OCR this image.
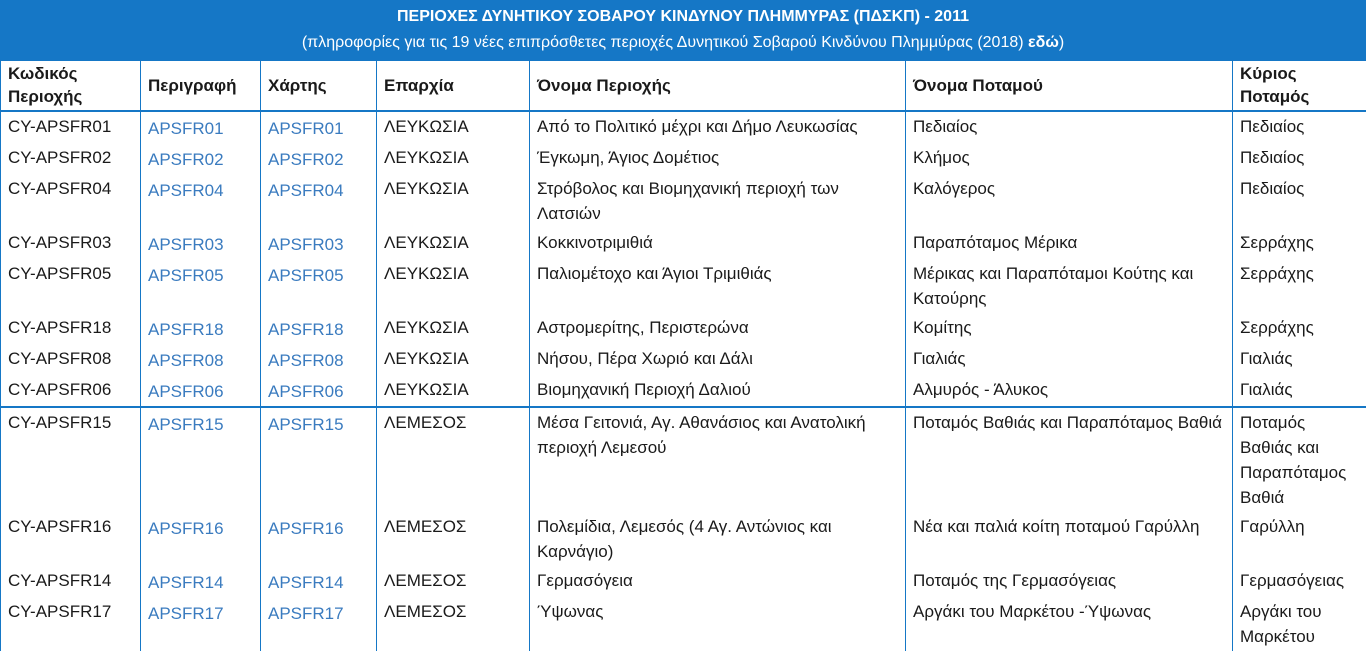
ΠΕΡΙΟΧΕΣ ΔΥΝΗΤΙΚΟΥ ΣΟΒΑΡΟΥ ΚΙΝΔΥΝΟΥ ΠΛΗΜΜΥΡΑΣ (ΠΔΣΚΠ) - 2011
(πληροφορίες για τις 19 νέες επιπρόσθετες περιοχές Δυνητικού Σοβαρού Κινδύνου Πλημμύρας (2018) εδώ)
Κωδικός Περιοχής	Περιγραφή	Χάρτης	Επαρχία	Όνομα Περιοχής	Όνομα Ποταμού	Κύριος Ποταμός
CY-APSFR01	APSFR01	APSFR01	ΛΕΥΚΩΣΙΑ	Από το Πολιτικό μέχρι και Δήμο Λευκωσίας	Πεδιαίος	Πεδιαίος
CY-APSFR02	APSFR02	APSFR02	ΛΕΥΚΩΣΙΑ	Έγκωμη, Άγιος Δομέτιος	Κλήμος	Πεδιαίος
CY-APSFR04	APSFR04	APSFR04	ΛΕΥΚΩΣΙΑ	Στρόβολος και Βιομηχανική περιοχή των Λατσιών	Καλόγερος	Πεδιαίος
CY-APSFR03	APSFR03	APSFR03	ΛΕΥΚΩΣΙΑ	Κοκκινοτριμιθιά	Παραπόταμος Μέρικα	Σερράχης
CY-APSFR05	APSFR05	APSFR05	ΛΕΥΚΩΣΙΑ	Παλιομέτοχο και Άγιοι Τριμιθιάς	Μέρικας και Παραπόταμοι Κούτης και Κατούρης	Σερράχης
CY-APSFR18	APSFR18	APSFR18	ΛΕΥΚΩΣΙΑ	Αστρομερίτης, Περιστερώνα	Κομίτης	Σερράχης
CY-APSFR08	APSFR08	APSFR08	ΛΕΥΚΩΣΙΑ	Νήσου, Πέρα Χωριό και Δάλι	Γιαλιάς	Γιαλιάς
CY-APSFR06	APSFR06	APSFR06	ΛΕΥΚΩΣΙΑ	Βιομηχανική Περιοχή Δαλιού	Αλμυρός - Άλυκος	Γιαλιάς
CY-APSFR15	APSFR15	APSFR15	ΛΕΜΕΣΟΣ	Μέσα Γειτονιά, Αγ. Αθανάσιος και Ανατολική περιοχή Λεμεσού	Ποταμός Βαθιάς και Παραπόταμος Βαθιά	Ποταμός Βαθιάς και Παραπόταμος Βαθιά
CY-APSFR16	APSFR16	APSFR16	ΛΕΜΕΣΟΣ	Πολεμίδια, Λεμεσός (4 Αγ. Αντώνιος και Καρνάγιο)	Νέα και παλιά κοίτη ποταμού Γαρύλλη	Γαρύλλη
CY-APSFR14	APSFR14	APSFR14	ΛΕΜΕΣΟΣ	Γερμασόγεια	Ποταμός της Γερμασόγειας	Γερμασόγειας
CY-APSFR17	APSFR17	APSFR17	ΛΕΜΕΣΟΣ	Ύψωνας	Αργάκι του Μαρκέτου -Ύψωνας	Αργάκι του Μαρκέτου
